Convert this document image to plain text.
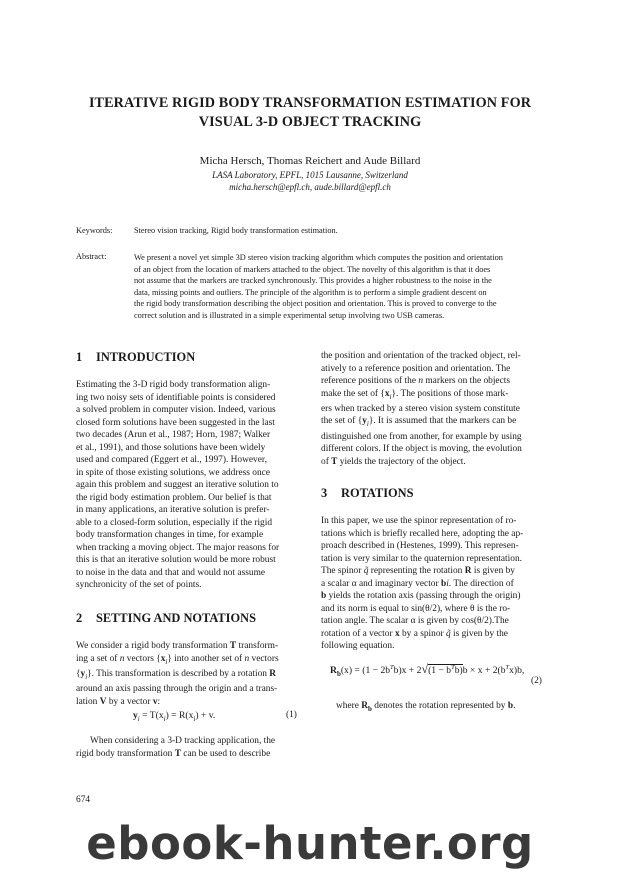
ITERATIVE RIGID BODY TRANSFORMATION ESTIMATION FOR
VISUAL 3-D OBJECT TRACKING
Micha Hersch, Thomas Reichert and Aude Billard
LASA Laboratory, EPFL, 1015 Lausanne, Switzerland
micha.hersch@epfl.ch, aude.billard@epfl.ch
Keywords:	Stereo vision tracking, Rigid body transformation estimation.
Abstract:	We present a novel yet simple 3D stereo vision tracking algorithm which computes the position and orientation
of an object from the location of markers attached to the object. The novelty of this algorithm is that it does
not assume that the markers are tracked synchronously. This provides a higher robustness to the noise in the
data, missing points and outliers. The principle of the algorithm is to perform a simple gradient descent on
the rigid body transformation describing the object position and orientation. This is proved to converge to the
correct solution and is illustrated in a simple experimental setup involving two USB cameras.
1 INTRODUCTION
Estimating the 3-D rigid body transformation align-
ing two noisy sets of identifiable points is considered
a solved problem in computer vision. Indeed, various
closed form solutions have been suggested in the last
two decades (Arun et al., 1987; Horn, 1987; Walker
et al., 1991), and those solutions have been widely
used and compared (Eggert et al., 1997). However,
in spite of those existing solutions, we address once
again this problem and suggest an iterative solution to
the rigid body estimation problem. Our belief is that
in many applications, an iterative solution is prefer-
able to a closed-form solution, especially if the rigid
body transformation changes in time, for example
when tracking a moving object. The major reasons for
this is that an iterative solution would be more robust
to noise in the data and that and would not assume
synchronicity of the set of points.
2 SETTING AND NOTATIONS
We consider a rigid body transformation T transform-
ing a set of n vectors $\{x_i\}$ into another set of n vectors
$\{y_i\}$. This transformation is described by a rotation R
around an axis passing through the origin and a trans-
lation V by a vector v:
$y_i = T(x_i) = R(x_i) + v$.	(1)
When considering a 3-D tracking application, the
rigid body transformation T can be used to describe
the position and orientation of the tracked object, rel-
atively to a reference position and orientation. The
reference positions of the n markers on the objects
make the set of $\{x_i\}$. The positions of those mark-
ers when tracked by a stereo vision system constitute
the set of $\{y_i\}$. It is assumed that the markers can be
distinguished one from another, for example by using
different colors. If the object is moving, the evolution
of T yields the trajectory of the object.
3 ROTATIONS
In this paper, we use the spinor representation of ro-
tations which is briefly recalled here, adopting the ap-
proach described in (Hestenes, 1999). This represen-
tation is very similar to the quaternion representation.
The spinor q̃ representing the rotation R is given by
a scalar α and imaginary vector bi. The direction of
b yields the rotation axis (passing through the origin)
and its norm is equal to sin(θ/2), where θ is the ro-
tation angle. The scalar α is given by cos(θ/2).The
rotation of a vector x by a spinor q̃ is given by the
following equation.
$R_b(x) = (1 - 2b^Tb)x + 2√(1 - b^Tb)b \times x + 2(b^Tx)b$,
(2)
where $R_b$ denotes the rotation represented by b.
674
ebook-hunter.org
